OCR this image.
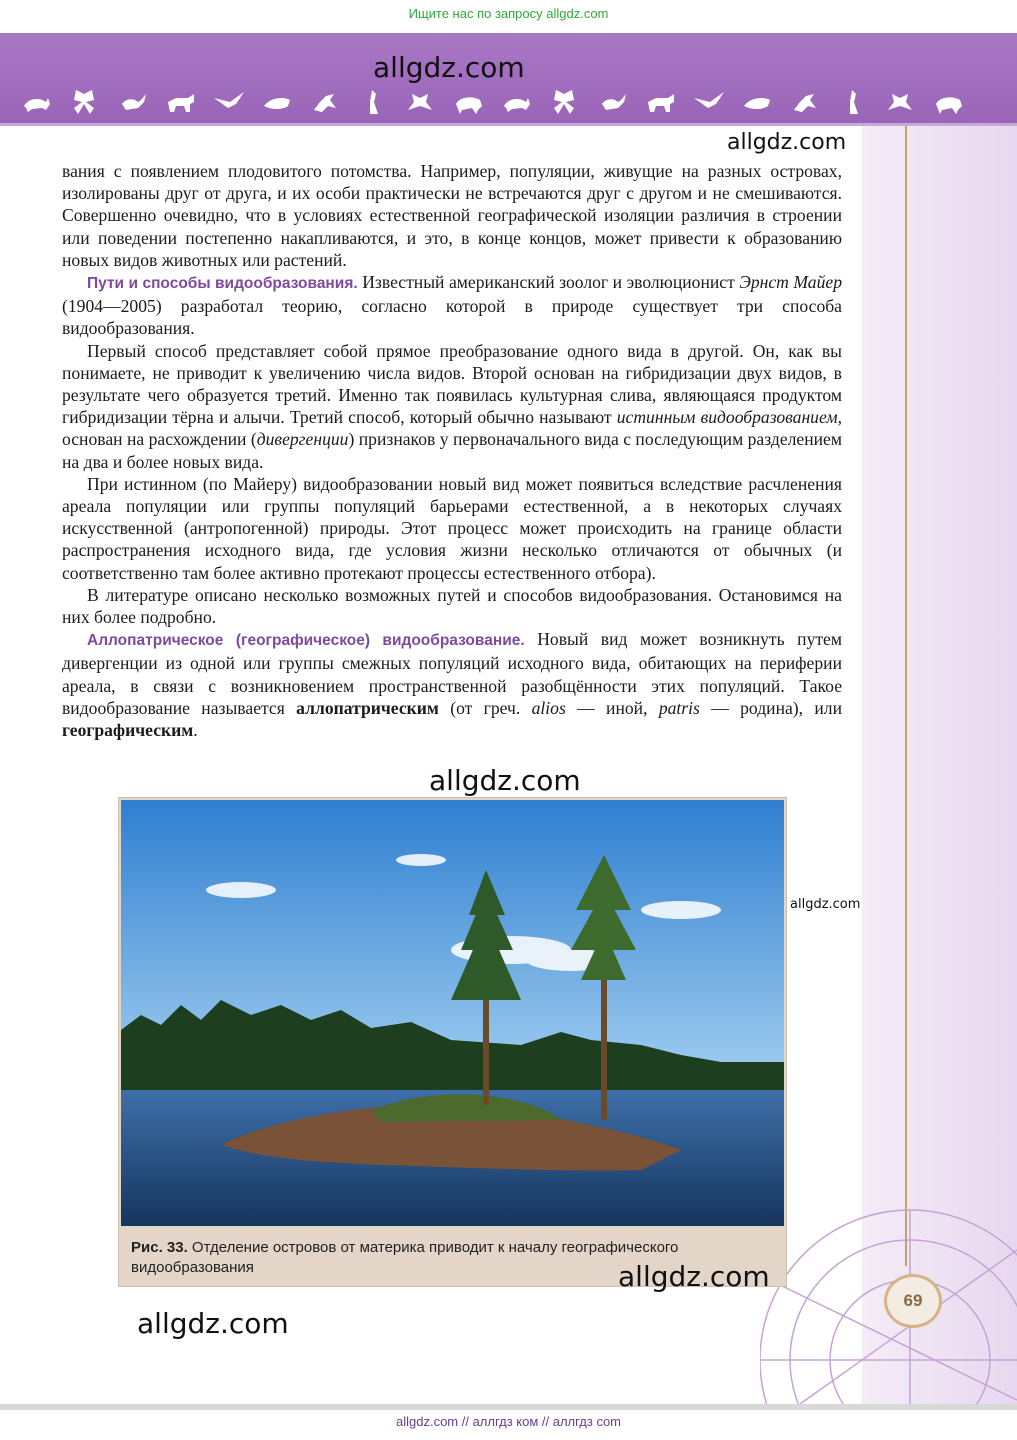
Ищите нас по запросу allgdz.com
69

вания с появлением плодовитого потомства. Например, популяции, живущие на разных островах, изолированы друг от друга, и их особи практически не встречаются друг с другом и не смешиваются. Совершенно очевидно, что в условиях естественной географической изоляции различия в строении или поведении постепенно накапливаются, и это, в конце концов, может привести к образованию новых видов животных или растений.

Пути и способы видообразования. Известный американский зоолог и эволюционист Эрнст Майер (1904—2005) разработал теорию, согласно которой в природе существует три способа видообразования.

Первый способ представляет собой прямое преобразование одного вида в другой. Он, как вы понимаете, не приводит к увеличению числа видов. Второй основан на гибридизации двух видов, в результате чего образуется третий. Именно так появилась культурная слива, являющаяся продуктом гибридизации тёрна и алычи. Третий способ, который обычно называют истинным видообразованием, основан на расхождении (дивергенции) признаков у первоначального вида с последующим разделением на два и более новых вида.

При истинном (по Майеру) видообразовании новый вид может появиться вследствие расчленения ареала популяции или группы популяций барьерами естественной, а в некоторых случаях искусственной (антропогенной) природы. Этот процесс может происходить на границе области распространения исходного вида, где условия жизни несколько отличаются от обычных (и соответственно там более активно протекают процессы естественного отбора).

В литературе описано несколько возможных путей и способов видообразования. Остановимся на них более подробно.

Аллопатрическое (географическое) видообразование. Новый вид может возникнуть путем дивергенции из одной или группы смежных популяций исходного вида, обитающих на периферии ареала, в связи с возникновением пространственной разобщённости этих популяций. Такое видообразование называется аллопатрическим (от греч. alios — иной, patris — родина), или географическим.

Рис. 33. Отделение островов от материка приводит к началу географического видообразования
allgdz.com
allgdz.com
allgdz.com
allgdz.com
allgdz.com
allgdz.com
allgdz.com // аллгдз ком // аллгдз com
